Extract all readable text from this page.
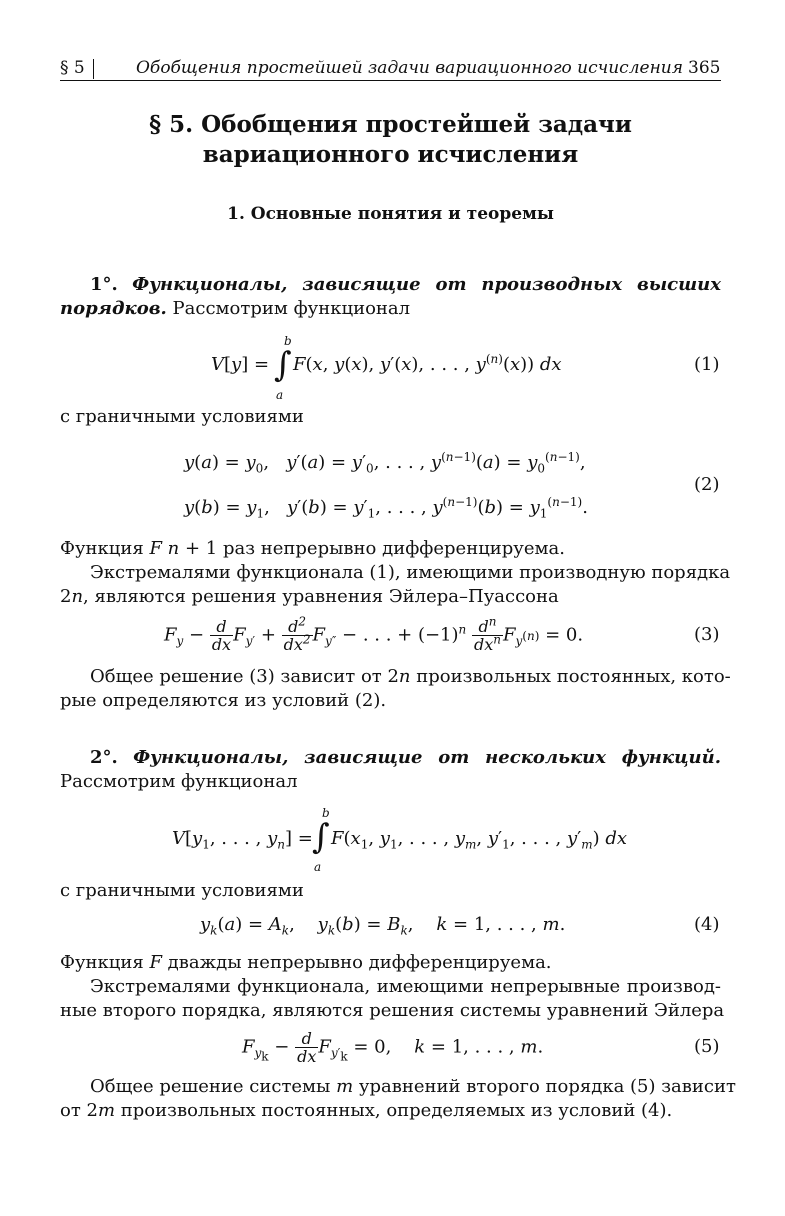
§ 5	Обобщения простейшей задачи вариационного исчисления 365
§ 5. Обобщения простейшей задачи вариационного исчисления
1. Основные понятия и теоремы
1°. Функционалы, зависящие от производных высших
порядков. Рассмотрим функционал
V[y] =
b
∫
a
F(x, y(x), y′(x), . . . , $y^{(n)}(x)$) dx	(1)
с граничными условиями
$y(a) = y_0$,   $y'(a) = y'_0$, . . . , $y^{(n-1)}(a) = y_0^{(n-1)}$,
$y(b) = y_1$,   $y'(b) = y'_1$, . . . , $y^{(n-1)}(b) = y_1^{(n-1)}$.
(2)
Функция F n + 1 раз непрерывно дифференцируема.
Экстремалями функционала (1), имеющими производную порядка
2n, являются решения уравнения Эйлера–Пуассона
$F_y - \frac{d}{dx} F_{y'} + \frac{d^2}{dx^2} F_{y''}$ − . . . + $(-1)^n \frac{d^n}{dx^n} F_{y^{(n)}} = 0$.	(3)
Общее решение (3) зависит от 2n произвольных постоянных, кото-
рые определяются из условий (2).
2°. Функционалы, зависящие от нескольких функций.
Рассмотрим функционал
$V[y_1$, . . . , $y_n$] =
b
∫
a
$F(x_1$, $y_1$, . . . , $y_m$, $y'_1$, . . . , $y'_m$) dx
с граничными условиями
$y_k(a) = A_k$,    $y_k(b) = B_k$,    k = 1, . . . , m.	(4)
Функция F дважды непрерывно дифференцируема.
Экстремалями функционала, имеющими непрерывные производ-
ные второго порядка, являются решения системы уравнений Эйлера
$F_{y_k} - \frac{d}{dx} F_{y'_k} = 0$,    k = 1, . . . , m.	(5)
Общее решение системы m уравнений второго порядка (5) зависит
от 2m произвольных постоянных, определяемых из условий (4).
